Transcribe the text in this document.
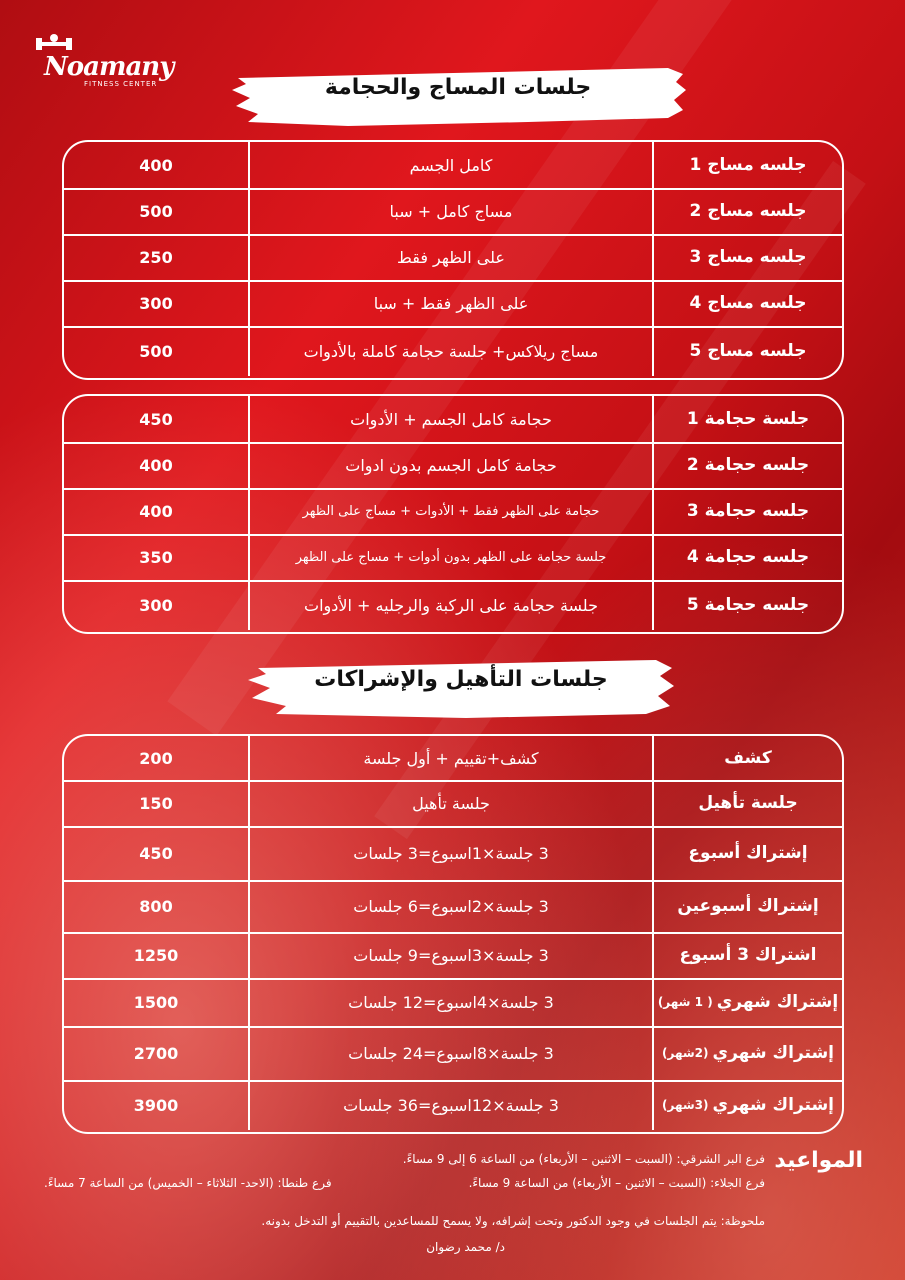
Noamany
FITNESS CENTER	جلسات المساج والحجامة
جلسه مساج 1
كامل الجسم
400
جلسه مساج 2
مساج كامل + سبا
500
جلسه مساج 3
على الظهر فقط
250
جلسه مساج 4
على الظهر فقط + سبا
300
جلسه مساج 5
مساج ريلاكس+ جلسة حجامة كاملة بالأدوات
500
جلسة حجامة 1
حجامة كامل الجسم + الأدوات
450
جلسه حجامة 2
حجامة كامل الجسم بدون ادوات
400
جلسه حجامة 3
حجامة على الظهر فقط + الأدوات + مساج على الظهر
400
جلسه حجامة 4
جلسة حجامة على الظهر بدون أدوات + مساج على الظهر
350
جلسه حجامة 5
جلسة حجامة على الركبة والرجليه + الأدوات
300
جلسات التأهيل والإشراكات
كشف
كشف+تقييم + أول جلسة
200
جلسة تأهيل
جلسة تأهيل
150
إشتراك أسبوع
3 جلسة×1اسبوع=3 جلسات
450
إشتراك أسبوعين
3 جلسة×2اسبوع=6 جلسات
800
اشتراك 3 أسبوع
3 جلسة×3اسبوع=9 جلسات
1250
إشتراك شهري
( 1 شهر)
3 جلسة×4اسبوع=12 جلسات
1500
إشتراك شهري
(2شهر)
3 جلسة×8اسبوع=24 جلسات
2700
إشتراك شهري
(3شهر)
3 جلسة×12اسبوع=36 جلسات
3900
المواعيد
فرع البر الشرقي: (السبت – الاثنين – الأربعاء) من الساعة 6 إلى 9 مساءً.
فرع الجلاء: (السبت – الاثنين – الأربعاء) من الساعة 9 مساءً.
فرع طنطا: (الاحد- الثلاثاء – الخميس) من الساعة 7 مساءً.
ملحوظة: يتم الجلسات في وجود الدكتور وتحت إشرافه، ولا يسمح للمساعدين بالتقييم أو التدخل بدونه.
د/ محمد رضوان
